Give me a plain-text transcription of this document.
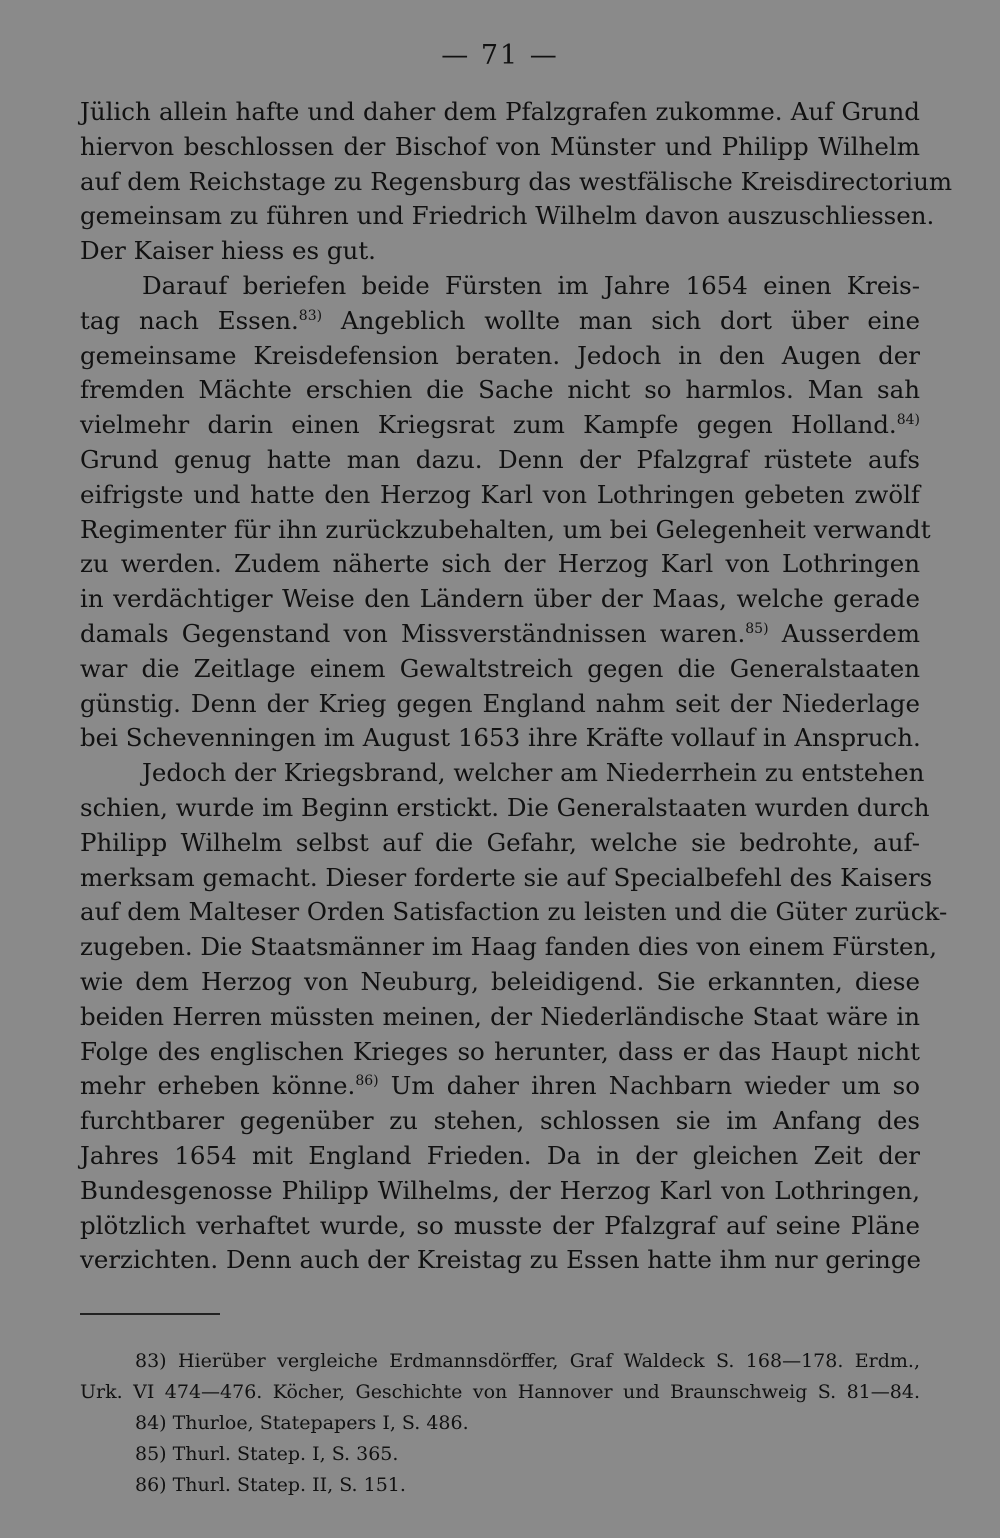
— 71 —
Jülich allein hafte und daher dem Pfalzgrafen zukomme. Auf Grund
hiervon beschlossen der Bischof von Münster und Philipp Wilhelm
auf dem Reichstage zu Regensburg das westfälische Kreisdirectorium
gemeinsam zu führen und Friedrich Wilhelm davon auszuschliessen.
Der Kaiser hiess es gut.
Darauf beriefen beide Fürsten im Jahre 1654 einen Kreis-
tag nach Essen.$^{83)}$ Angeblich wollte man sich dort über eine
gemeinsame Kreisdefension beraten. Jedoch in den Augen der
fremden Mächte erschien die Sache nicht so harmlos. Man sah
vielmehr darin einen Kriegsrat zum Kampfe gegen Holland.$^{84)}$
Grund genug hatte man dazu. Denn der Pfalzgraf rüstete aufs
eifrigste und hatte den Herzog Karl von Lothringen gebeten zwölf
Regimenter für ihn zurückzubehalten, um bei Gelegenheit verwandt
zu werden. Zudem näherte sich der Herzog Karl von Lothringen
in verdächtiger Weise den Ländern über der Maas, welche gerade
damals Gegenstand von Missverständnissen waren.$^{85)}$ Ausserdem
war die Zeitlage einem Gewaltstreich gegen die Generalstaaten
günstig. Denn der Krieg gegen England nahm seit der Niederlage
bei Schevenningen im August 1653 ihre Kräfte vollauf in Anspruch.
Jedoch der Kriegsbrand, welcher am Niederrhein zu entstehen
schien, wurde im Beginn erstickt. Die Generalstaaten wurden durch
Philipp Wilhelm selbst auf die Gefahr, welche sie bedrohte, auf-
merksam gemacht. Dieser forderte sie auf Specialbefehl des Kaisers
auf dem Malteser Orden Satisfaction zu leisten und die Güter zurück-
zugeben. Die Staatsmänner im Haag fanden dies von einem Fürsten,
wie dem Herzog von Neuburg, beleidigend. Sie erkannten, diese
beiden Herren müssten meinen, der Niederländische Staat wäre in
Folge des englischen Krieges so herunter, dass er das Haupt nicht
mehr erheben könne.$^{86)}$ Um daher ihren Nachbarn wieder um so
furchtbarer gegenüber zu stehen, schlossen sie im Anfang des
Jahres 1654 mit England Frieden. Da in der gleichen Zeit der
Bundesgenosse Philipp Wilhelms, der Herzog Karl von Lothringen,
plötzlich verhaftet wurde, so musste der Pfalzgraf auf seine Pläne
verzichten. Denn auch der Kreistag zu Essen hatte ihm nur geringe
83) Hierüber vergleiche Erdmannsdörffer, Graf Waldeck S. 168—178. Erdm.,
Urk. VI 474—476. Köcher, Geschichte von Hannover und Braunschweig S. 81—84.
84) Thurloe, Statepapers I, S. 486.
85) Thurl. Statep. I, S. 365.
86) Thurl. Statep. II, S. 151.
